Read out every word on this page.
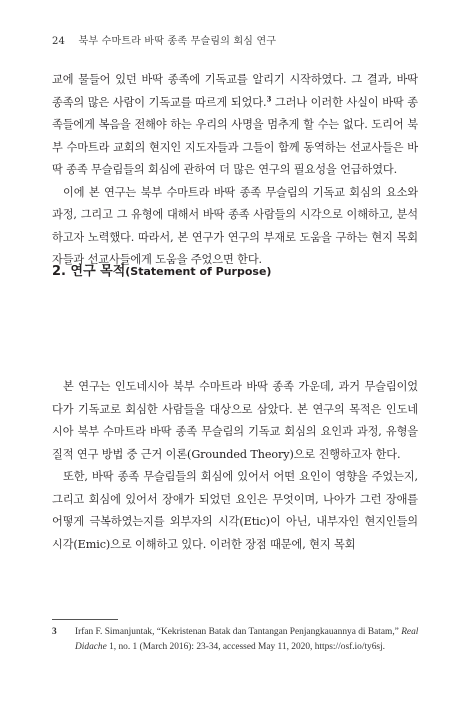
24 북부 수마트라 바딱 종족 무슬림의 회심 연구

교에 물들어 있던 바딱 종족에 기독교를 알리기 시작하였다. 그 결과, 바딱 종족의 많은 사람이 기독교를 따르게 되었다.$^3$ 그러나 이러한 사실이 바딱 종족들에게 복음을 전해야 하는 우리의 사명을 멈추게 할 수는 없다. 도리어 북부 수마트라 교회의 현지인 지도자들과 그들이 함께 동역하는 선교사들은 바딱 종족 무슬림들의 회심에 관하여 더 많은 연구의 필요성을 언급하였다.

이에 본 연구는 북부 수마트라 바딱 종족 무슬림의 기독교 회심의 요소와 과정, 그리고 그 유형에 대해서 바딱 종족 사람들의 시각으로 이해하고, 분석하고자 노력했다. 따라서, 본 연구가 연구의 부재로 도움을 구하는 현지 목회자들과 선교사들에게 도움을 주었으면 한다.

2. 연구 목적(Statement of Purpose)

본 연구는 인도네시아 북부 수마트라 바딱 종족 가운데, 과거 무슬림이었다가 기독교로 회심한 사람들을 대상으로 삼았다. 본 연구의 목적은 인도네시아 북부 수마트라 바딱 종족 무슬림의 기독교 회심의 요인과 과정, 유형을 질적 연구 방법 중 근거 이론(Grounded Theory)으로 진행하고자 한다.

또한, 바딱 종족 무슬림들의 회심에 있어서 어떤 요인이 영향을 주었는지, 그리고 회심에 있어서 장애가 되었던 요인은 무엇이며, 나아가 그런 장애를 어떻게 극복하였는지를 외부자의 시각(Etic)이 아닌, 내부자인 현지인들의 시각(Emic)으로 이해하고 있다. 이러한 장점 때문에, 현지 목회

3 Irfan F. Simanjuntak, “Kekristenan Batak dan Tantangan Penjangkauannya di Batam,” Real Didache 1, no. 1 (March 2016): 23-34, accessed May 11, 2020, https://osf.io/ty6sj.
